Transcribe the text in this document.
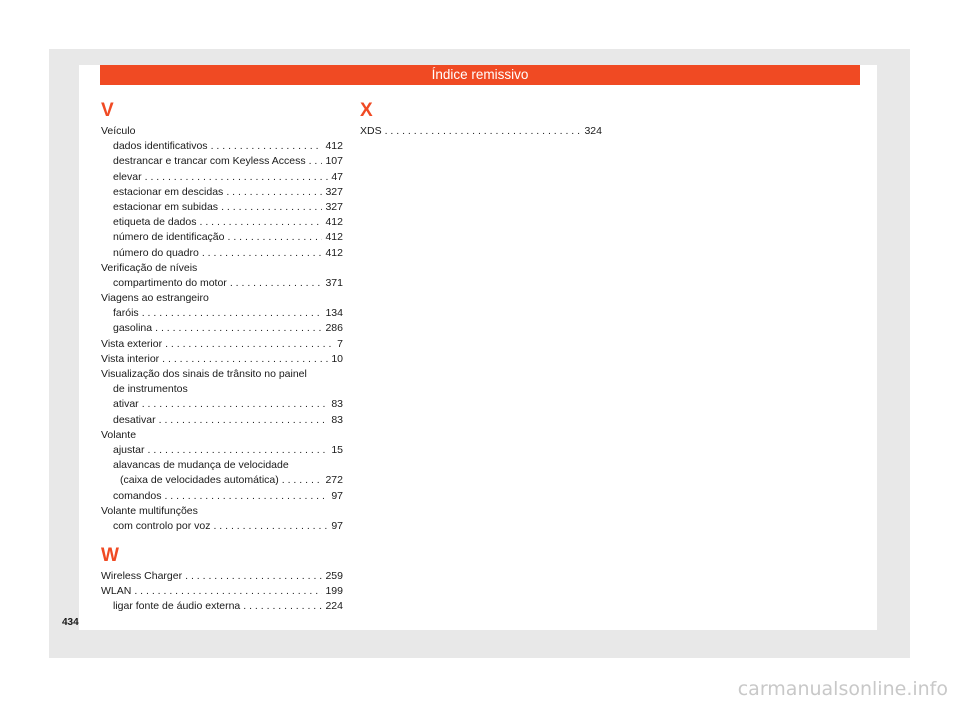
Índice remissivo
V
Veículo
dados identificativos . . .	412
destrancar e trancar com Keyless Access . . . 107
elevar . . .	47
estacionar em descidas . . .	327
estacionar em subidas . . .	327
etiqueta de dados . . .	412
número de identificação . . .	412
número do quadro . . .	412
Verificação de níveis
compartimento do motor . . .	371
Viagens ao estrangeiro
faróis . . .	134
gasolina . . .	286
Vista exterior . . .	7
Vista interior . . .	10
Visualização dos sinais de trânsito no painel
de instrumentos
ativar . . .	83
desativar . . .	83
Volante
ajustar . . .	15
alavancas de mudança de velocidade
(caixa de velocidades automática) . . .	272
comandos . . .	97
Volante multifunções
com controlo por voz . . .	97
W
Wireless Charger . . .	259
WLAN . . .	199
ligar fonte de áudio externa . . .	224
X
XDS . . .	324
434
carmanualsonline.info
